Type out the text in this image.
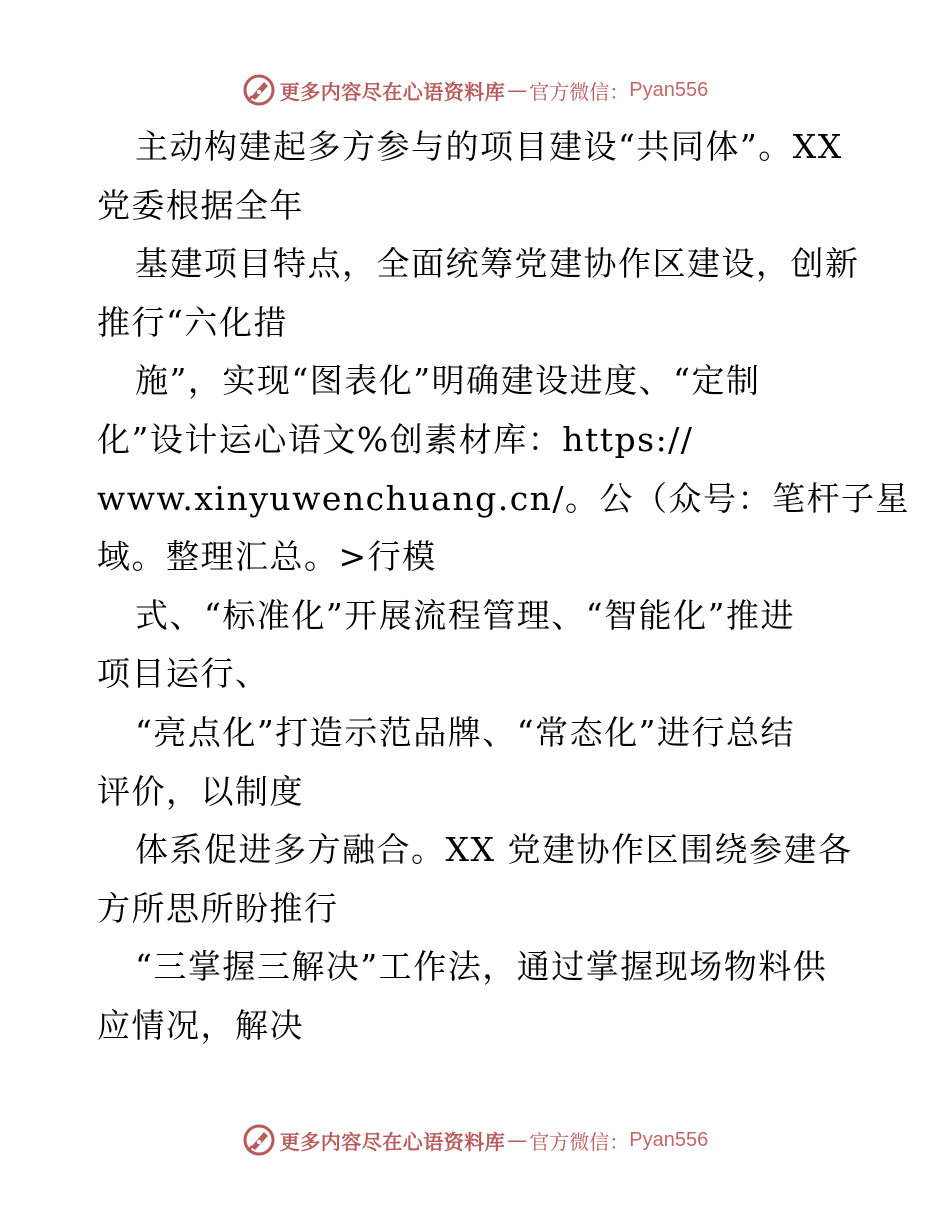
更多内容尽在心语资料库 — 官方微信： Pyan556
主动构建起多方参与的项目建设“共同体”。XX
党委根据全年
基建项目特点，全面统筹党建协作区建设，创新
推行“六化措
施”，实现“图表化”明确建设进度、“定制
化”设计运心语文%创素材库：https://
www.xinyuwenchuang.cn/。公（众号：笔杆子星
域。整理汇总。>行模
式、“标准化”开展流程管理、“智能化”推进
项目运行、
“亮点化”打造示范品牌、“常态化”进行总结
评价，以制度
体系促进多方融合。XX 党建协作区围绕参建各
方所思所盼推行
“三掌握三解决”工作法，通过掌握现场物料供
应情况，解决
更多内容尽在心语资料库 — 官方微信： Pyan556
